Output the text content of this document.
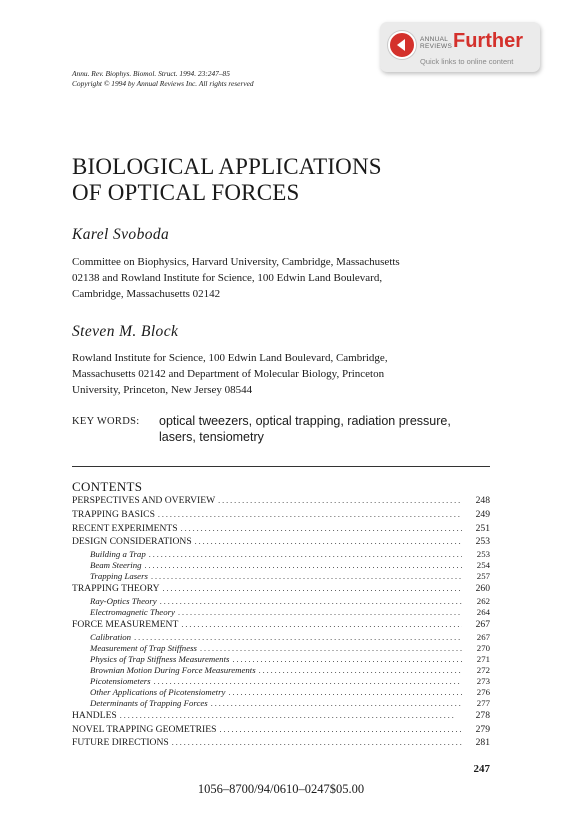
Annu. Rev. Biophys. Biomol. Struct. 1994. 23:247–85
Copyright © 1994 by Annual Reviews Inc. All rights reserved
ANNUAL
REVIEWS Further
Quick links to online content
BIOLOGICAL APPLICATIONS
OF OPTICAL FORCES
Karel Svoboda
Committee on Biophysics, Harvard University, Cambridge, Massachusetts
02138 and Rowland Institute for Science, 100 Edwin Land Boulevard,
Cambridge, Massachusetts 02142
Steven M. Block
Rowland Institute for Science, 100 Edwin Land Boulevard, Cambridge,
Massachusetts 02142 and Department of Molecular Biology, Princeton
University, Princeton, New Jersey 08544
KEY WORDS: optical tweezers, optical trapping, radiation pressure,
lasers, tensiometry
CONTENTS
PERSPECTIVES AND OVERVIEW . . .	248
TRAPPING BASICS . . .	249
RECENT EXPERIMENTS . . .	251
DESIGN CONSIDERATIONS . . .	253
Building a Trap . . .	253
Beam Steering . . .	254
Trapping Lasers . . .	257
TRAPPING THEORY . . .	260
Ray-Optics Theory . . .	262
Electromagnetic Theory . . .	264
FORCE MEASUREMENT . . .	267
Calibration . . .	267
Measurement of Trap Stiffness . . .	270
Physics of Trap Stiffness Measurements . . .	271
Brownian Motion During Force Measurements . . .	272
Picotensiometers . . .	273
Other Applications of Picotensiometry . . .	276
Determinants of Trapping Forces . . .	277
HANDLES . . .	278
NOVEL TRAPPING GEOMETRIES . . .	279
FUTURE DIRECTIONS . . .	281
247
1056–8700/94/0610–0247$05.00
